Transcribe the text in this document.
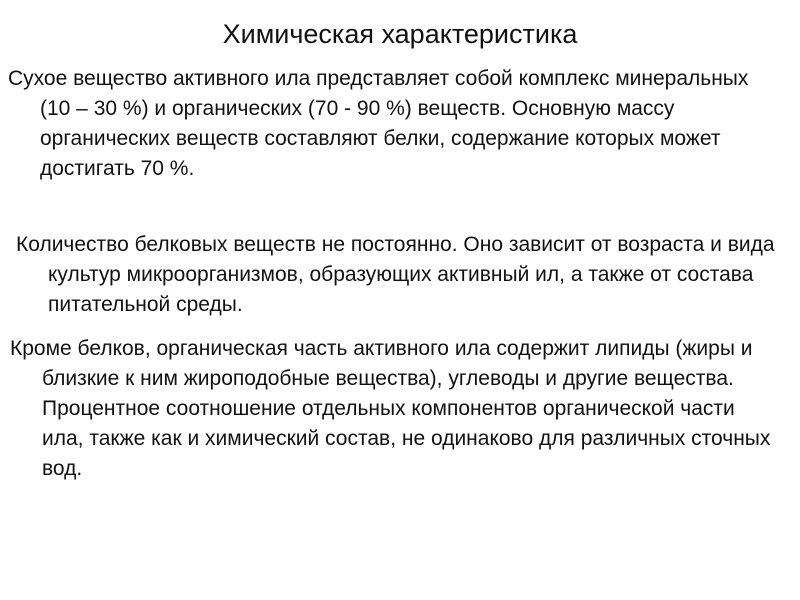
Химическая характеристика
Сухое вещество активного ила представляет собой комплекс минеральных (10 – 30 %) и органических (70 - 90 %) веществ. Основную массу органических веществ составляют белки, содержание которых может достигать 70 %.
Количество белковых веществ не постоянно. Оно зависит от возраста и вида культур микроорганизмов, образующих активный ил, а также от состава питательной среды.
Кроме белков, органическая часть активного ила содержит липиды (жиры и близкие к ним жироподобные вещества), углеводы и другие вещества. Процентное соотношение отдельных компонентов органической части ила, также как и химический состав, не одинаково для различных сточных вод.
